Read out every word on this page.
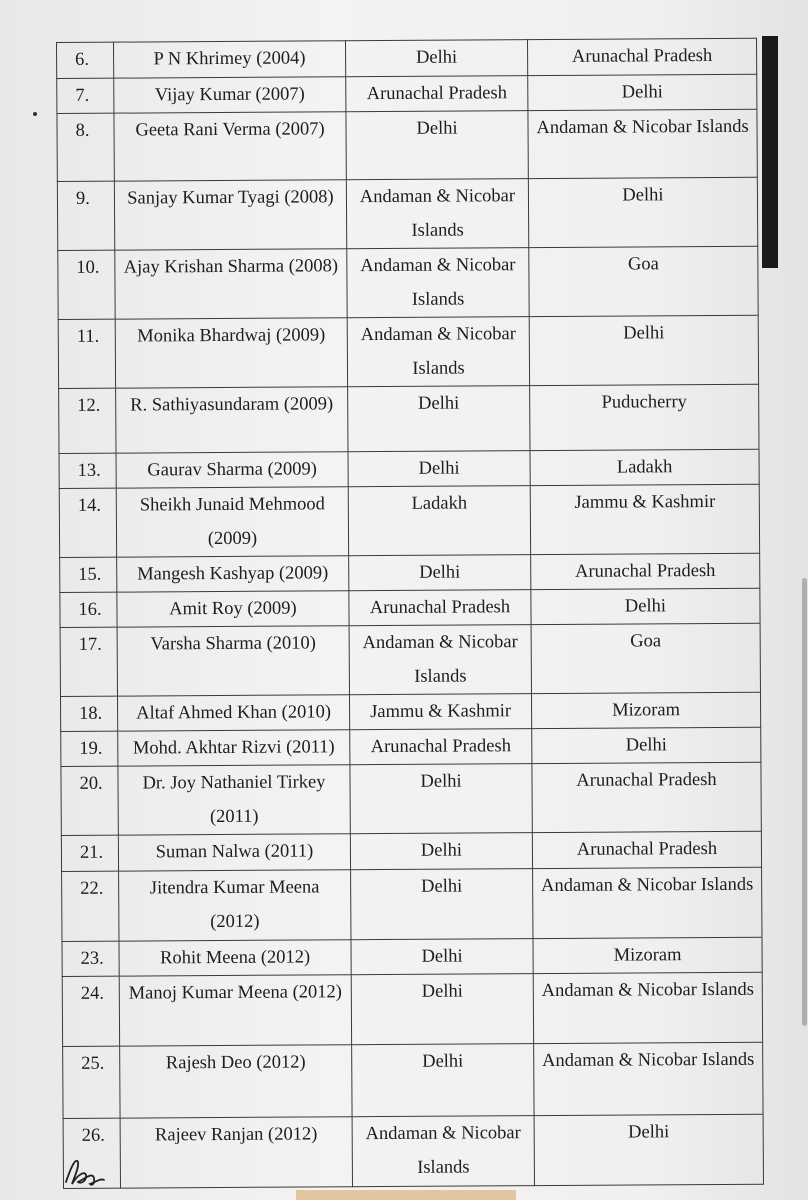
6.	P N Khrimey (2004)	Delhi	Arunachal Pradesh
7.	Vijay Kumar (2007)	Arunachal Pradesh	Delhi
8.	Geeta Rani Verma (2007)	Delhi	Andaman & Nicobar Islands
9.	Sanjay Kumar Tyagi (2008)	Andaman & Nicobar Islands	Delhi
10.	Ajay Krishan Sharma (2008)	Andaman & Nicobar Islands	Goa
11.	Monika Bhardwaj (2009)	Andaman & Nicobar Islands	Delhi
12.	R. Sathiyasundaram (2009)	Delhi	Puducherry
13.	Gaurav Sharma (2009)	Delhi	Ladakh
14.	Sheikh Junaid Mehmood (2009)	Ladakh	Jammu & Kashmir
15.	Mangesh Kashyap (2009)	Delhi	Arunachal Pradesh
16.	Amit Roy (2009)	Arunachal Pradesh	Delhi
17.	Varsha Sharma (2010)	Andaman & Nicobar Islands	Goa
18.	Altaf Ahmed Khan (2010)	Jammu & Kashmir	Mizoram
19.	Mohd. Akhtar Rizvi (2011)	Arunachal Pradesh	Delhi
20.	Dr. Joy Nathaniel Tirkey (2011)	Delhi	Arunachal Pradesh
21.	Suman Nalwa (2011)	Delhi	Arunachal Pradesh
22.	Jitendra Kumar Meena (2012)	Delhi	Andaman & Nicobar Islands
23.	Rohit Meena (2012)	Delhi	Mizoram
24.	Manoj Kumar Meena (2012)	Delhi	Andaman & Nicobar Islands
25.	Rajesh Deo (2012)	Delhi	Andaman & Nicobar Islands
26.	Rajeev Ranjan (2012)	Andaman & Nicobar Islands	Delhi
